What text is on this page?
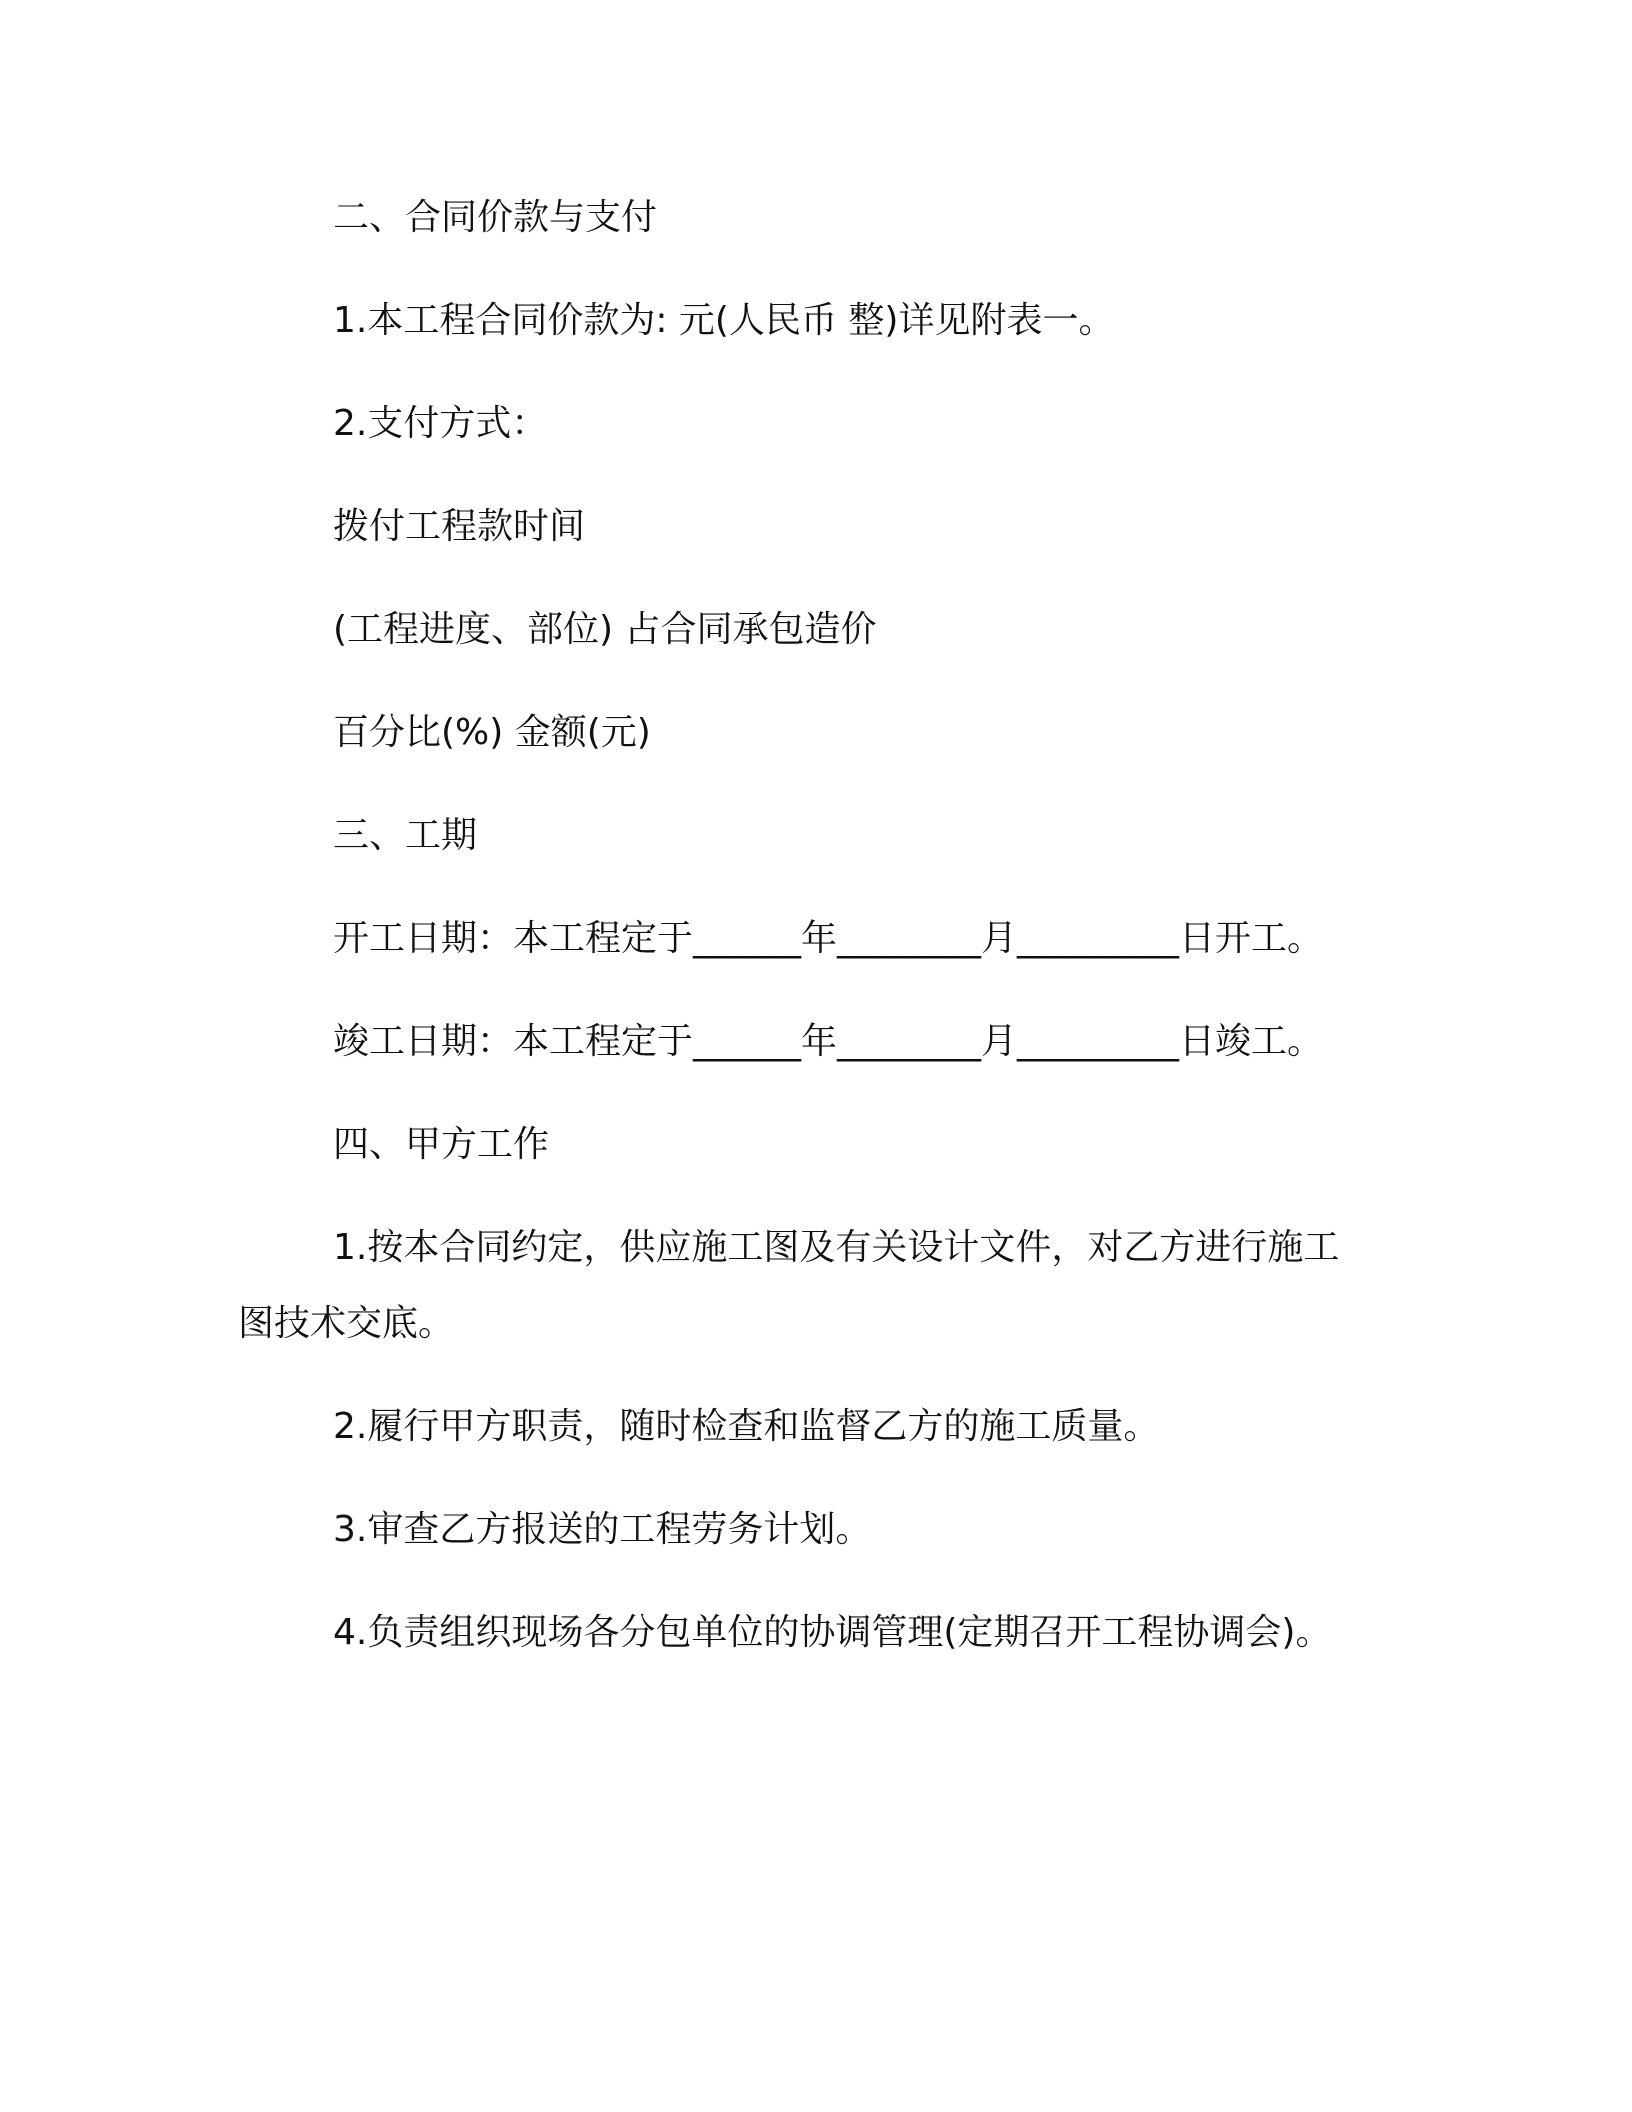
二、合同价款与支付
1.本工程合同价款为: 元(人民币 整)详见附表一。
2.支付方式：
拨付工程款时间
(工程进度、部位) 占合同承包造价
百分比(%) 金额(元)
三、工期
开工日期：本工程定于______年________月_________日开工。
竣工日期：本工程定于______年________月_________日竣工。
四、甲方工作
1.按本合同约定，供应施工图及有关设计文件，对乙方进行施工
图技术交底。
2.履行甲方职责，随时检查和监督乙方的施工质量。
3.审查乙方报送的工程劳务计划。
4.负责组织现场各分包单位的协调管理(定期召开工程协调会)。
